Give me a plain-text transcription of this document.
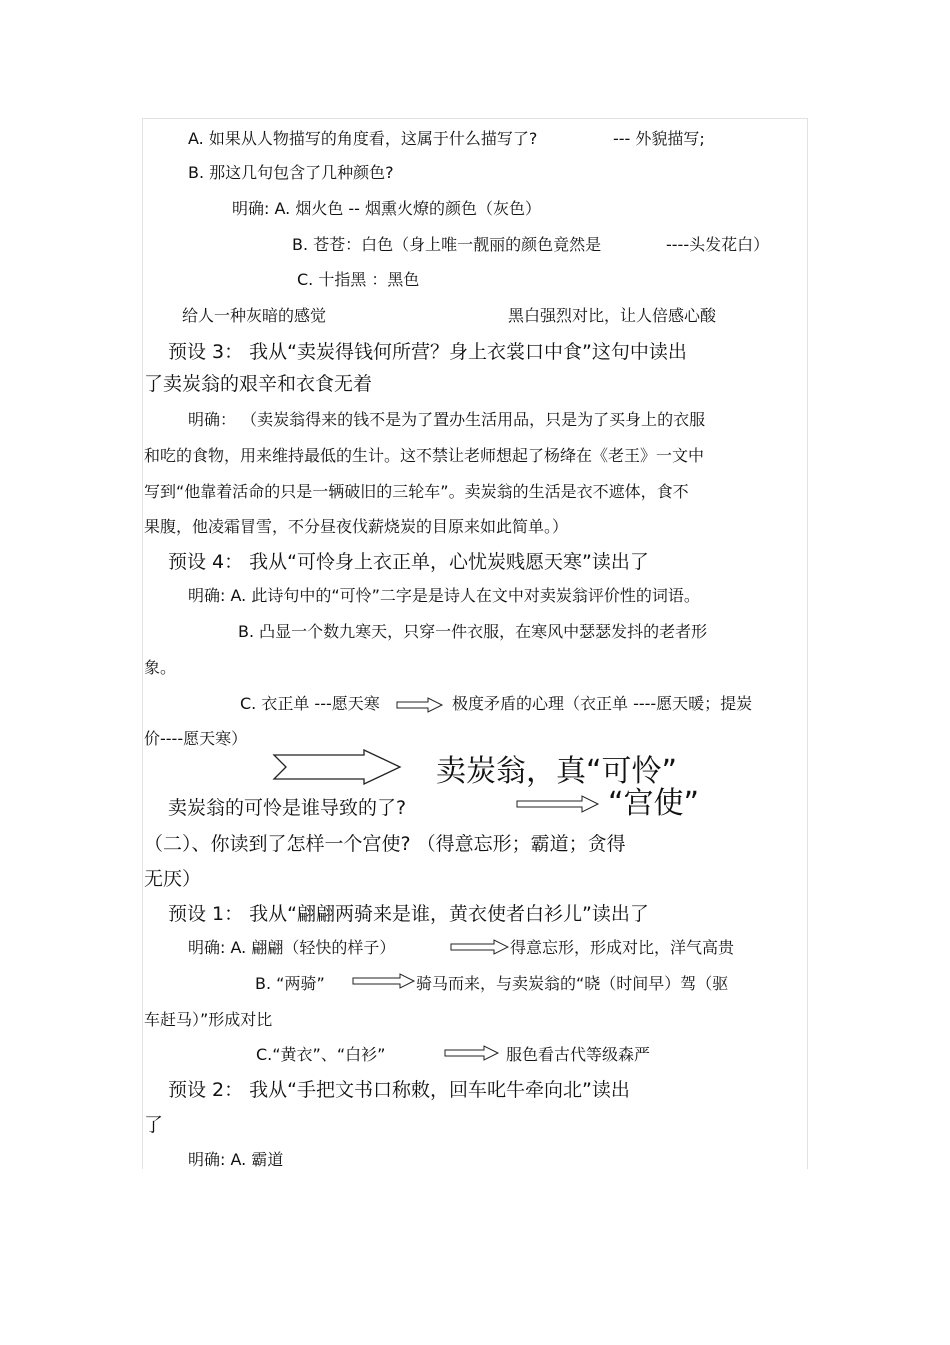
A. 如果从人物描写的角度看，这属于什么描写了?	--- 外貌描写;
B. 那这几句包含了几种颜色?
明确: A. 烟火色 -- 烟熏火燎的颜色（灰色）
B. 苍苍：白色（身上唯一靓丽的颜色竟然是	----头发花白）
C. 十指黑 ：黑色
给人一种灰暗的感觉	黑白强烈对比，让人倍感心酸
预设 3： 我从“卖炭得钱何所营？身上衣裳口中食”这句中读出
了卖炭翁的艰辛和衣食无着
明确： （卖炭翁得来的钱不是为了置办生活用品，只是为了买身上的衣服
和吃的食物，用来维持最低的生计。这不禁让老师想起了杨绛在《老王》一文中
写到“他靠着活命的只是一辆破旧的三轮车”。卖炭翁的生活是衣不遮体，食不
果腹，他凌霜冒雪，不分昼夜伐薪烧炭的目原来如此简单。）
预设 4： 我从“可怜身上衣正单，心忧炭贱愿天寒”读出了
明确: A. 此诗句中的“可怜”二字是是诗人在文中对卖炭翁评价性的词语。
B. 凸显一个数九寒天，只穿一件衣服，在寒风中瑟瑟发抖的老者形
象。
C. 衣正单 ---愿天寒	极度矛盾的心理（衣正单 ----愿天暖；提炭
价----愿天寒）
卖炭翁，真“可怜”
卖炭翁的可怜是谁导致的了?	“宫使”
（二）、你读到了怎样一个宫使? （得意忘形；霸道；贪得
无厌）
预设 1： 我从“翩翩两骑来是谁，黄衣使者白衫儿”读出了
明确: A. 翩翩（轻快的样子）	得意忘形，形成对比，洋气高贵
B. “两骑”	骑马而来，与卖炭翁的“晓（时间早）驾（驱
车赶马）”形成对比
C.“黄衣”、“白衫”	服色看古代等级森严
预设 2： 我从“手把文书口称敕，回车叱牛牵向北”读出
了
明确: A. 霸道
